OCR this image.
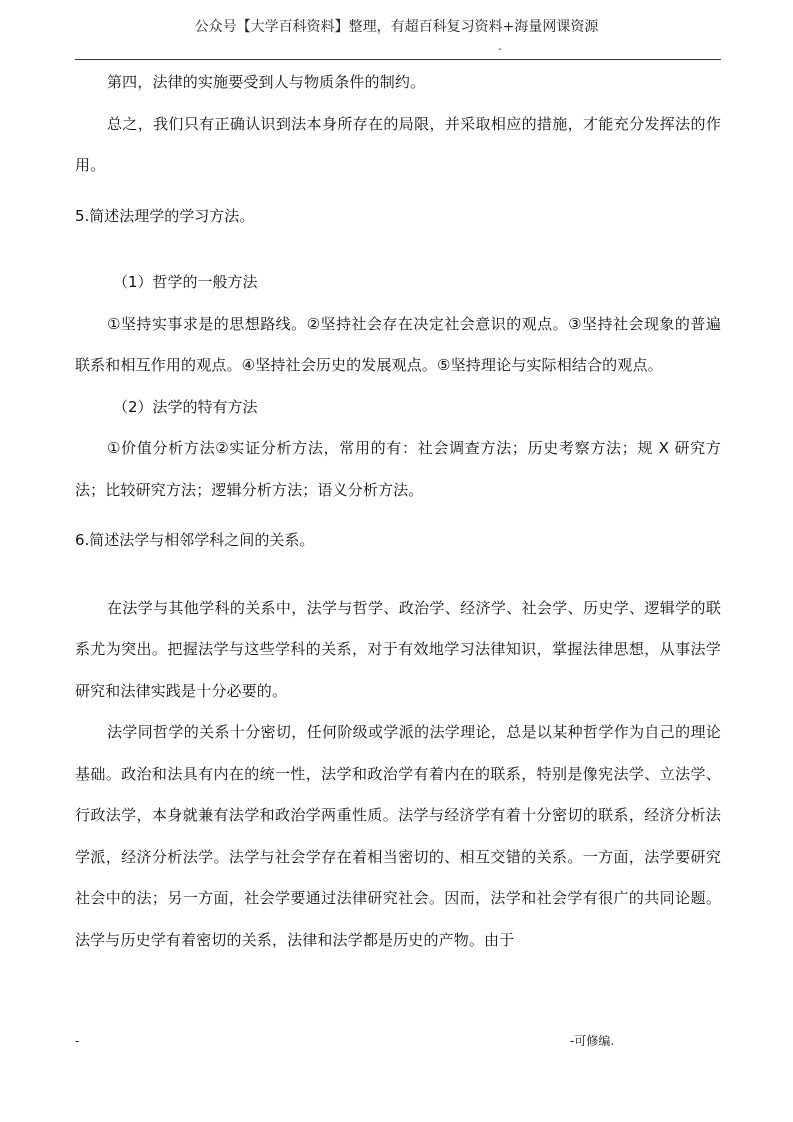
公众号【大学百科资料】整理，有超百科复习资料+海量网课资源
-

第四，法律的实施要受到人与物质条件的制约。

总之，我们只有正确认识到法本身所存在的局限，并采取相应的措施，才能充分发挥法的作用。

5.简述法理学的学习方法。

（1）哲学的一般方法

①坚持实事求是的思想路线。②坚持社会存在决定社会意识的观点。③坚持社会现象的普遍联系和相互作用的观点。④坚持社会历史的发展观点。⑤坚持理论与实际相结合的观点。

（2）法学的特有方法

①价值分析方法②实证分析方法，常用的有：社会调查方法；历史考察方法；规 X 研究方法；比较研究方法；逻辑分析方法；语义分析方法。

6.简述法学与相邻学科之间的关系。

在法学与其他学科的关系中，法学与哲学、政治学、经济学、社会学、历史学、逻辑学的联系尤为突出。把握法学与这些学科的关系，对于有效地学习法律知识，掌握法律思想，从事法学研究和法律实践是十分必要的。

法学同哲学的关系十分密切，任何阶级或学派的法学理论，总是以某种哲学作为自己的理论基础。政治和法具有内在的统一性，法学和政治学有着内在的联系，特别是像宪法学、立法学、行政法学，本身就兼有法学和政治学两重性质。法学与经济学有着十分密切的联系，经济分析法学派，经济分析法学。法学与社会学存在着相当密切的、相互交错的关系。一方面，法学要研究社会中的法；另一方面，社会学要通过法律研究社会。因而，法学和社会学有很广的共同论题。法学与历史学有着密切的关系，法律和法学都是历史的产物。由于

-	-可修编.
